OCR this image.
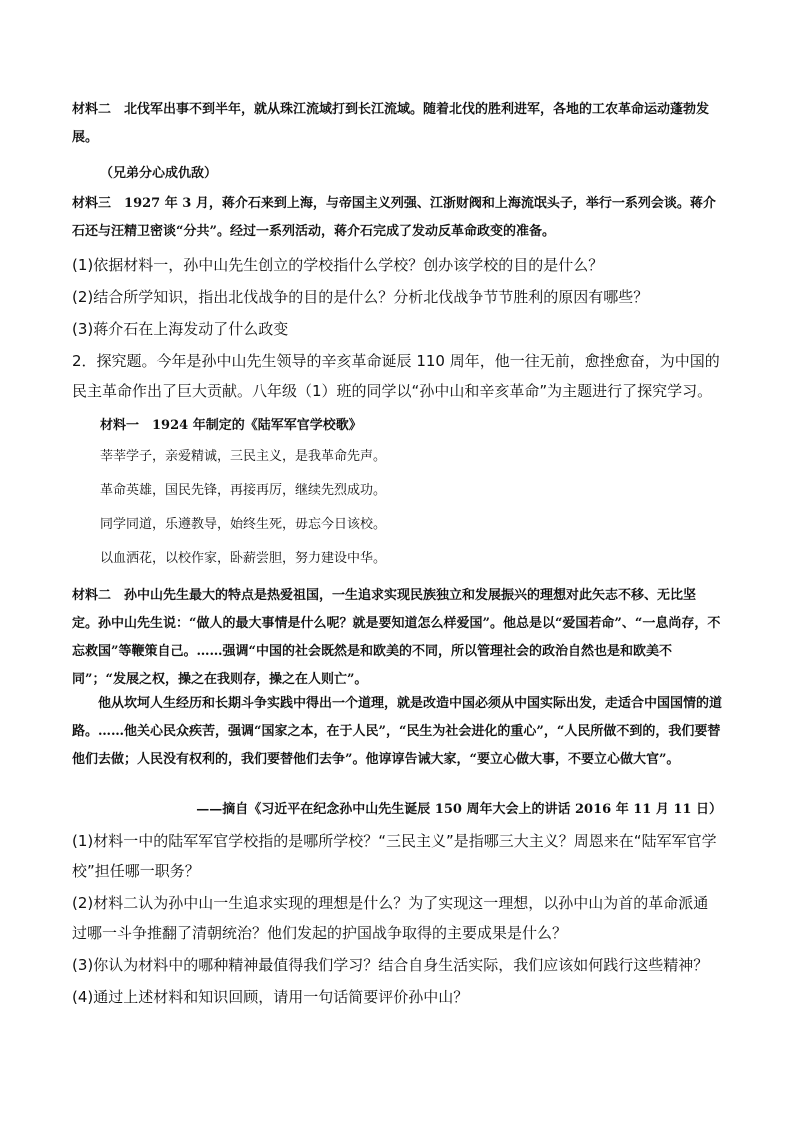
材料二　 北伐军出事不到半年，就从珠江流域打到长江流域。随着北伐的胜利进军，各地的工农革命运动蓬勃发展。

（兄弟分心成仇敌）

材料三　 1927 年 3 月，蒋介石来到上海，与帝国主义列强、江浙财阀和上海流氓头子，举行一系列会谈。蒋介石还与汪精卫密谈“分共”。经过一系列活动，蒋介石完成了发动反革命政变的准备。

(1)依据材料一，孙中山先生创立的学校指什么学校？创办该学校的目的是什么？

(2)结合所学知识，指出北伐战争的目的是什么？分析北伐战争节节胜利的原因有哪些？

(3)蒋介石在上海发动了什么政变

2．探究题。今年是孙中山先生领导的辛亥革命诞辰 110 周年，他一往无前，愈挫愈奋，为中国的民主革命作出了巨大贡献。八年级（1）班的同学以“孙中山和辛亥革命”为主题进行了探究学习。

材料一　1924 年制定的《陆军军官学校歌》

莘莘学子，亲爱精诚，三民主义，是我革命先声。
革命英雄，国民先锋，再接再厉，继续先烈成功。
同学同道，乐遵教导，始终生死，毋忘今日该校。
以血洒花，以校作家，卧薪尝胆，努力建设中华。

材料二　 孙中山先生最大的特点是热爱祖国，一生追求实现民族独立和发展振兴的理想对此矢志不移、无比坚定。孙中山先生说：“做人的最大事情是什么呢？就是要知道怎么样爱国”。他总是以“爱国若命”、“一息尚存，不忘救国”等鞭策自己。……强调“中国的社会既然是和欧美的不同，所以管理社会的政治自然也是和欧美不同”；“发展之权，操之在我则存，操之在人则亡”。

他从坎坷人生经历和长期斗争实践中得出一个道理，就是改造中国必须从中国实际出发，走适合中国国情的道路。……他关心民众疾苦，强调“国家之本，在于人民”，“民生为社会进化的重心”，“人民所做不到的，我们要替他们去做；人民没有权利的，我们要替他们去争”。他谆谆告诫大家，“要立心做大事，不要立心做大官”。

——摘自《习近平在纪念孙中山先生诞辰 150 周年大会上的讲话 2016 年 11 月 11 日）

(1)材料一中的陆军军官学校指的是哪所学校？“三民主义”是指哪三大主义？周恩来在“陆军军官学校”担任哪一职务？

(2)材料二认为孙中山一生追求实现的理想是什么？为了实现这一理想，以孙中山为首的革命派通过哪一斗争推翻了清朝统治？他们发起的护国战争取得的主要成果是什么？

(3)你认为材料中的哪种精神最值得我们学习？结合自身生活实际，我们应该如何践行这些精神？

(4)通过上述材料和知识回顾，请用一句话简要评价孙中山？
